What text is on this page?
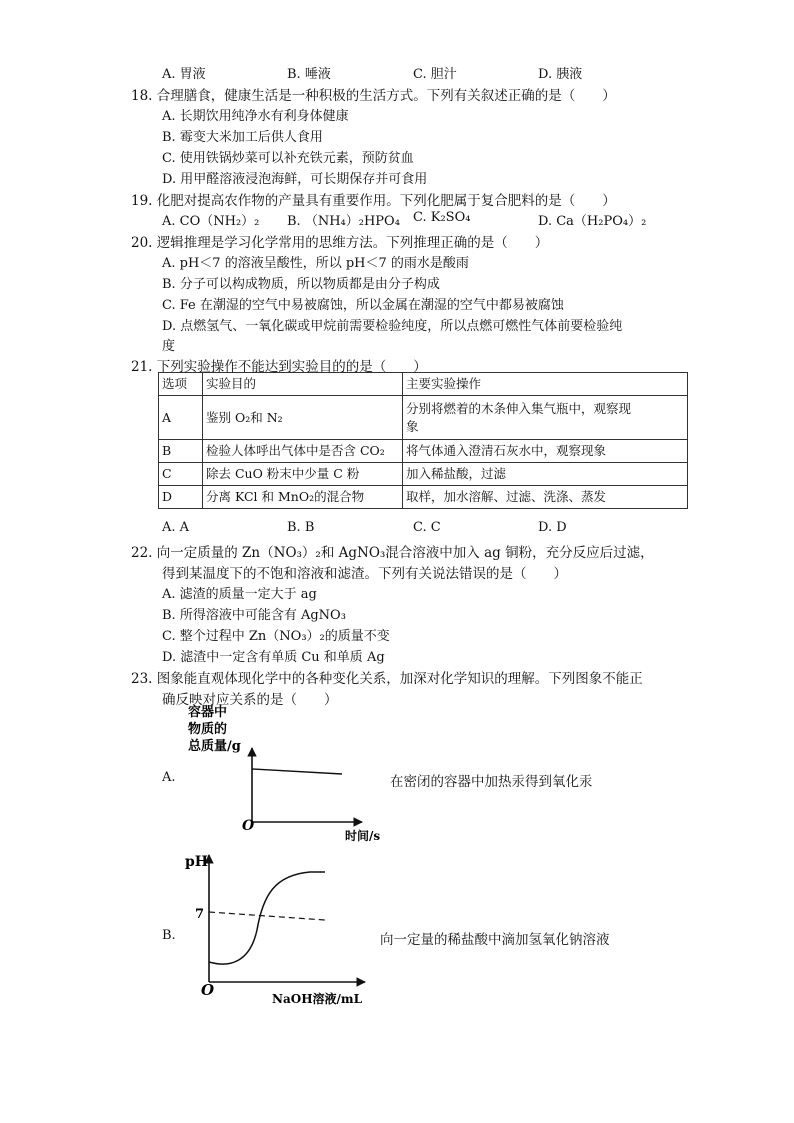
A. 胃液	B. 唾液	C. 胆汁	D. 胰液
18. 合理膳食，健康生活是一种积极的生活方式。下列有关叙述正确的是（　　）
A. 长期饮用纯净水有利身体健康
B. 霉变大米加工后供人食用
C. 使用铁锅炒菜可以补充铁元素，预防贫血
D. 用甲醛溶液浸泡海鲜，可长期保存并可食用
19. 化肥对提高农作物的产量具有重要作用。下列化肥属于复合肥料的是（　　）
A. CO（NH₂）₂ B. （NH₄）₂HPO₄ C. K₂SO₄	D. Ca（H₂PO₄）₂
20. 逻辑推理是学习化学常用的思维方法。下列推理正确的是（　　）
A. pH＜7 的溶液呈酸性，所以 pH＜7 的雨水是酸雨
B. 分子可以构成物质，所以物质都是由分子构成
C. Fe 在潮湿的空气中易被腐蚀，所以金属在潮湿的空气中都易被腐蚀
D. 点燃氢气、一氧化碳或甲烷前需要检验纯度，所以点燃可燃性气体前要检验纯
度
21. 下列实验操作不能达到实验目的的是（　　）
选项	实验目的	主要实验操作
A	鉴别 O₂和 N₂	分别将燃着的木条伸入集气瓶中，观察现
象

B	检验人体呼出气体中是否含 CO₂	将气体通入澄清石灰水中，观察现象
C	除去 CuO 粉末中少量 C 粉	加入稀盐酸，过滤
D	分离 KCl 和 MnO₂的混合物	取样，加水溶解、过滤、洗涤、蒸发
A. A	B. B	C. C	D. D
22. 向一定质量的 Zn（NO₃）₂和 AgNO₃混合溶液中加入 ag 铜粉，充分反应后过滤，
得到某温度下的不饱和溶液和滤渣。下列有关说法错误的是（　　）
A. 滤渣的质量一定大于 ag
B. 所得溶液中可能含有 AgNO₃
C. 整个过程中 Zn（NO₃）₂的质量不变
D. 滤渣中一定含有单质 Cu 和单质 Ag
23. 图象能直观体现化学中的各种变化关系，加深对化学知识的理解。下列图象不能正
确反映对应关系的是（　　）
A.
容器中
物质的
总质量/g
O
时间/s
在密闭的容器中加热汞得到氧化汞
B.
pH
7
O	NaOH溶液/mL
向一定量的稀盐酸中滴加氢氧化钠溶液
